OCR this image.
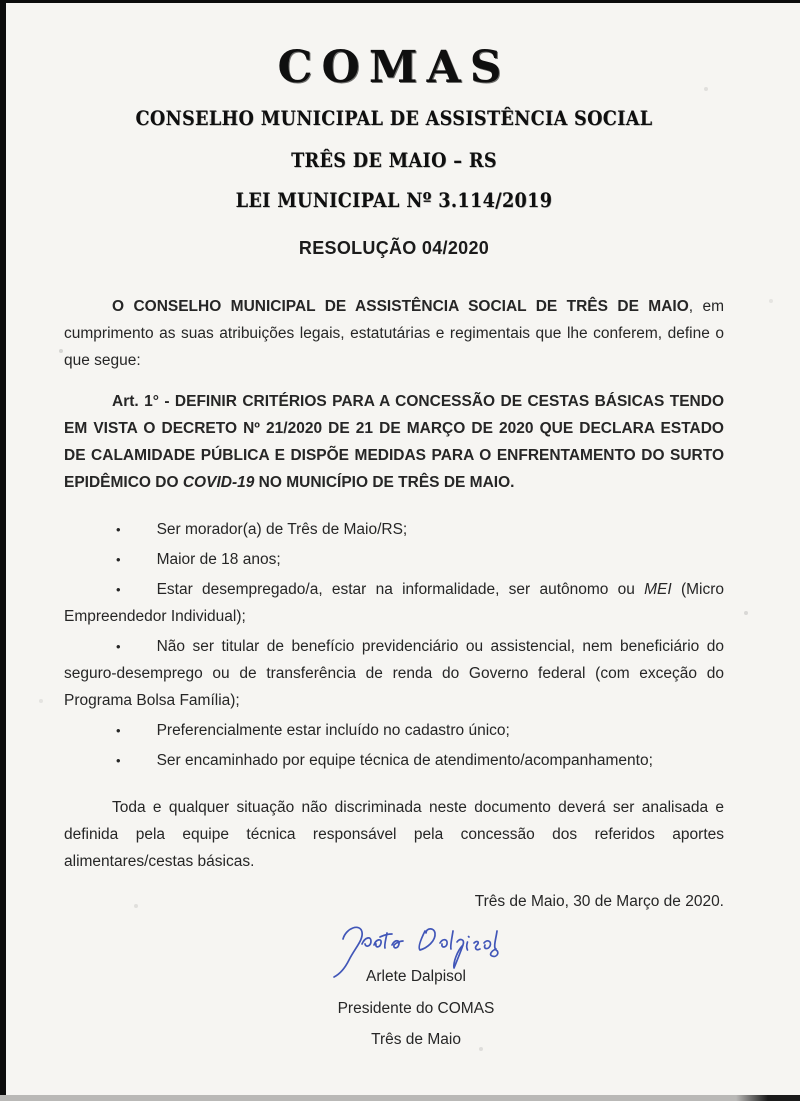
COMAS
CONSELHO MUNICIPAL DE ASSISTÊNCIA SOCIAL
TRÊS DE MAIO – RS
LEI MUNICIPAL Nº 3.114/2019
RESOLUÇÃO 04/2020

O CONSELHO MUNICIPAL DE ASSISTÊNCIA SOCIAL DE TRÊS DE MAIO, em cumprimento as suas atribuições legais, estatutárias e regimentais que lhe conferem, define o que segue:

Art. 1° - DEFINIR CRITÉRIOS PARA A CONCESSÃO DE CESTAS BÁSICAS TENDO EM VISTA O DECRETO Nº 21/2020 DE 21 DE MARÇO DE 2020 QUE DECLARA ESTADO DE CALAMIDADE PÚBLICA E DISPÕE MEDIDAS PARA O ENFRENTAMENTO DO SURTO EPIDÊMICO DO COVID-19 NO MUNICÍPIO DE TRÊS DE MAIO.

• Ser morador(a) de Três de Maio/RS;

• Maior de 18 anos;

• Estar desempregado/a, estar na informalidade, ser autônomo ou MEI (Micro Empreendedor Individual);

• Não ser titular de benefício previdenciário ou assistencial, nem beneficiário do seguro-desemprego ou de transferência de renda do Governo federal (com exceção do Programa Bolsa Família);

• Preferencialmente estar incluído no cadastro único;

• Ser encaminhado por equipe técnica de atendimento/acompanhamento;

Toda e qualquer situação não discriminada neste documento deverá ser analisada e definida pela equipe técnica responsável pela concessão dos referidos aportes alimentares/cestas básicas.

Três de Maio, 30 de Março de 2020.
Arlete Dalpisol
Presidente do COMAS
Três de Maio
